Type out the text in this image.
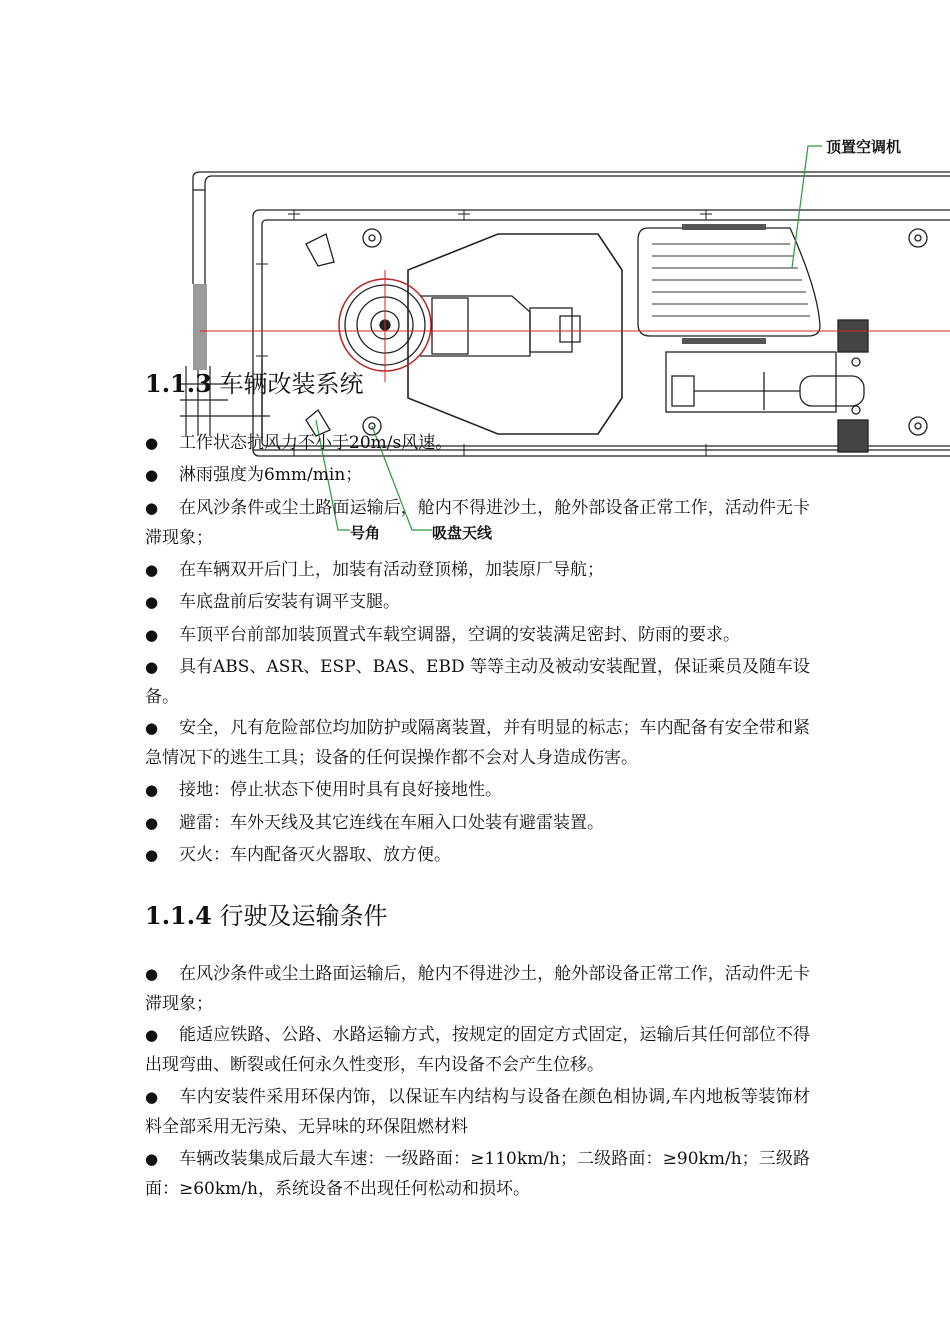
顶置空调机
号角	吸盘天线
1.1.3 车辆改装系统

● 工作状态抗风力不小于20m/s风速。

● 淋雨强度为6mm/min；

● 在风沙条件或尘土路面运输后，舱内不得进沙土，舱外部设备正常工作，活动件无卡滞现象；

● 在车辆双开后门上，加装有活动登顶梯，加装原厂导航；

● 车底盘前后安装有调平支腿。

● 车顶平台前部加装顶置式车载空调器，空调的安装满足密封、防雨的要求。

● 具有ABS、ASR、ESP、BAS、EBD 等等主动及被动安装配置，保证乘员及随车设备。

● 安全，凡有危险部位均加防护或隔离装置，并有明显的标志；车内配备有安全带和紧急情况下的逃生工具；设备的任何误操作都不会对人身造成伤害。

● 接地：停止状态下使用时具有良好接地性。

● 避雷：车外天线及其它连线在车厢入口处装有避雷装置。

● 灭火：车内配备灭火器取、放方便。

1.1.4 行驶及运输条件

● 在风沙条件或尘土路面运输后，舱内不得进沙土，舱外部设备正常工作，活动件无卡滞现象；

● 能适应铁路、公路、水路运输方式，按规定的固定方式固定，运输后其任何部位不得出现弯曲、断裂或任何永久性变形，车内设备不会产生位移。

● 车内安装件采用环保内饰，以保证车内结构与设备在颜色相协调,车内地板等装饰材料全部采用无污染、无异味的环保阻燃材料

● 车辆改装集成后最大车速：一级路面：≥110km/h；二级路面：≥90km/h；三级路面：≥60km/h，系统设备不出现任何松动和损坏。
